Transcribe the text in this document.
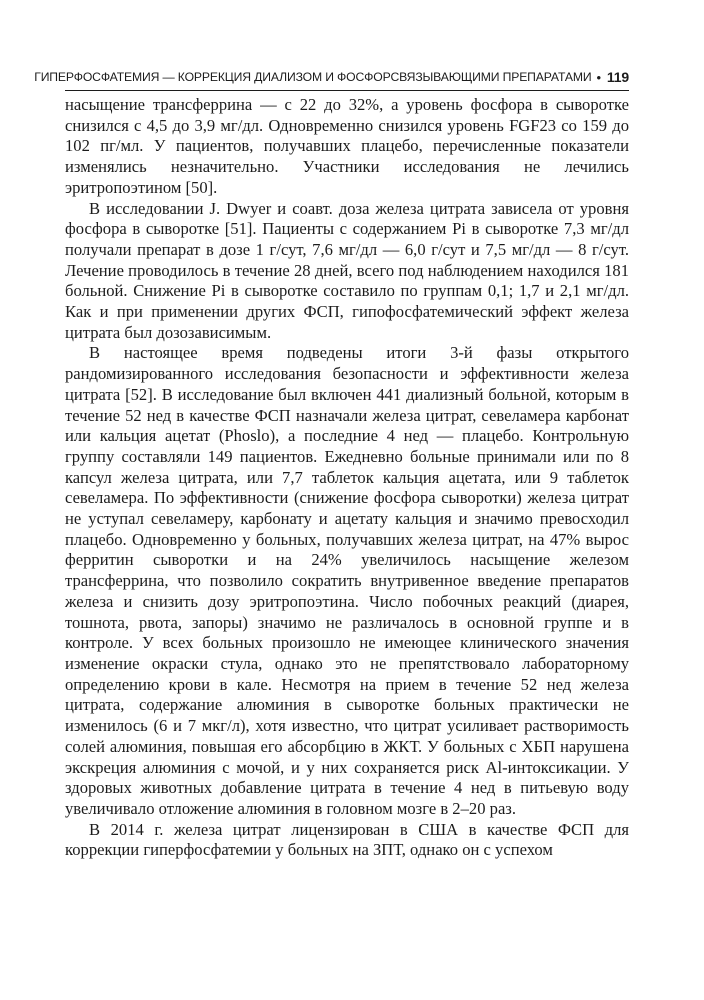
ГИПЕРФОСФАТЕМИЯ — КОРРЕКЦИЯ ДИАЛИЗОМ И ФОСФОРСВЯЗЫВАЮЩИМИ ПРЕПАРАТАМИ • 119

насыщение трансферрина — с 22 до 32%, а уровень фосфора в сыворотке снизился с 4,5 до 3,9 мг/дл. Одновременно снизился уровень FGF23 со 159 до 102 пг/мл. У пациентов, получавших плацебо, перечисленные показатели изменялись незначительно. Участники исследования не лечились эритропоэтином [50].

В исследовании J. Dwyer и соавт. доза железа цитрата зависела от уровня фосфора в сыворотке [51]. Пациенты с содержанием Pi в сыворотке 7,3 мг/дл получали препарат в дозе 1 г/сут, 7,6 мг/дл — 6,0 г/сут и 7,5 мг/дл — 8 г/сут. Лечение проводилось в течение 28 дней, всего под наблюдением находился 181 больной. Снижение Pi в сыворотке составило по группам 0,1; 1,7 и 2,1 мг/дл. Как и при применении других ФСП, гипофосфатемический эффект железа цитрата был дозозависимым.

В настоящее время подведены итоги 3-й фазы открытого рандомизированного исследования безопасности и эффективности железа цитрата [52]. В исследование был включен 441 диализный больной, которым в течение 52 нед в качестве ФСП назначали железа цитрат, севеламера карбонат или кальция ацетат (Phoslo), а последние 4 нед — плацебо. Контрольную группу составляли 149 пациентов. Ежедневно больные принимали или по 8 капсул железа цитрата, или 7,7 таблеток кальция ацетата, или 9 таблеток севеламера. По эффективности (снижение фосфора сыворотки) железа цитрат не уступал севеламеру, карбонату и ацетату кальция и значимо превосходил плацебо. Одновременно у больных, получавших железа цитрат, на 47% вырос ферритин сыворотки и на 24% увеличилось насыщение железом трансферрина, что позволило сократить внутривенное введение препаратов железа и снизить дозу эритропоэтина. Число побочных реакций (диарея, тошнота, рвота, запоры) значимо не различалось в основной группе и в контроле. У всех больных произошло не имеющее клинического значения изменение окраски стула, однако это не препятствовало лабораторному определению крови в кале. Несмотря на прием в течение 52 нед железа цитрата, содержание алюминия в сыворотке больных практически не изменилось (6 и 7 мкг/л), хотя известно, что цитрат усиливает растворимость солей алюминия, повышая его абсорбцию в ЖКТ. У больных с ХБП нарушена экскреция алюминия с мочой, и у них сохраняется риск Al-интоксикации. У здоровых животных добавление цитрата в течение 4 нед в питьевую воду увеличивало отложение алюминия в головном мозге в 2–20 раз.

В 2014 г. железа цитрат лицензирован в США в качестве ФСП для коррекции гиперфосфатемии у больных на ЗПТ, однако он с успехом
